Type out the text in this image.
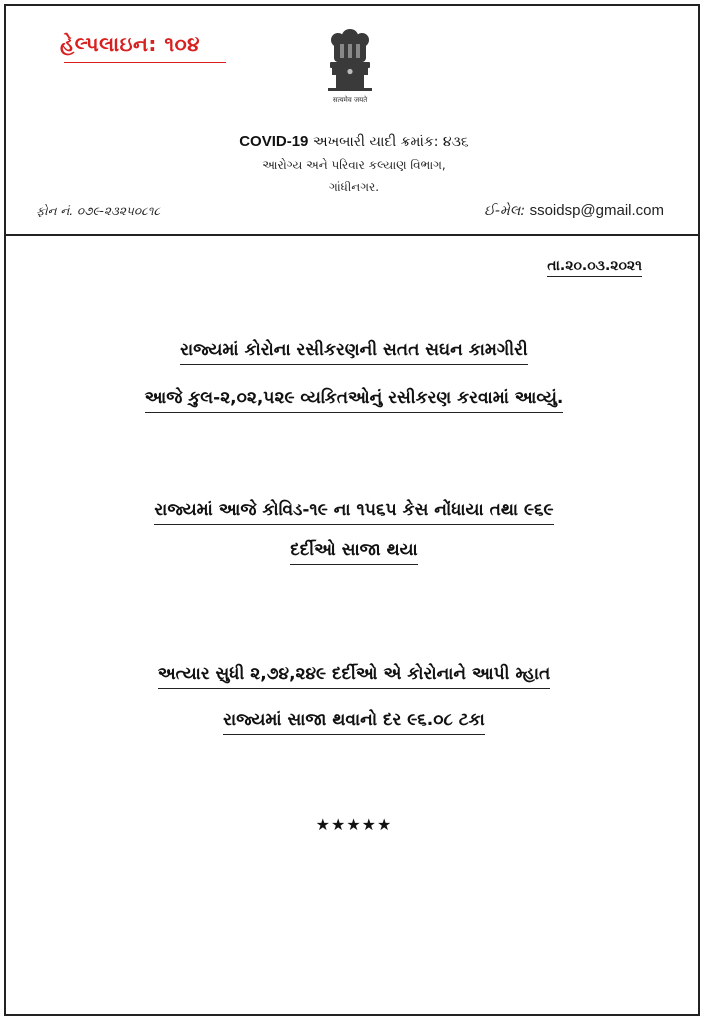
હેલ્પલાઇન: ૧૦૪
सत्यमेव जयते
COVID-19 અખબારી યાદી ક્રમાંક: ૪૩૬
આરોગ્ય અને પરિવાર કલ્યાણ વિભાગ,
ગાંધીનગર.
ફોન નં. ૦૭૯-૨૩૨૫૦૮૧૮	ઈ-મેલ: ssoidsp@gmail.com
તા.૨૦.૦૩.૨૦૨૧
રાજ્યમાં કોરોના રસીકરણની સતત સઘન કામગીરી
આજે કુલ-૨,૦૨,૫૨૯ વ્યકિતઓનું રસીકરણ કરવામાં આવ્યું.
રાજ્યમાં આજે કોવિડ-૧૯ ના ૧૫૬૫ કેસ નોંધાયા તથા ૯૬૯
દર્દીઓ સાજા થયા
અત્યાર સુધી ૨,૭૪,૨૪૯ દર્દીઓ એ કોરોનાને આપી મ્હાત
રાજ્યમાં સાજા થવાનો દર ૯૬.૦૮ ટકા
★★★★★
